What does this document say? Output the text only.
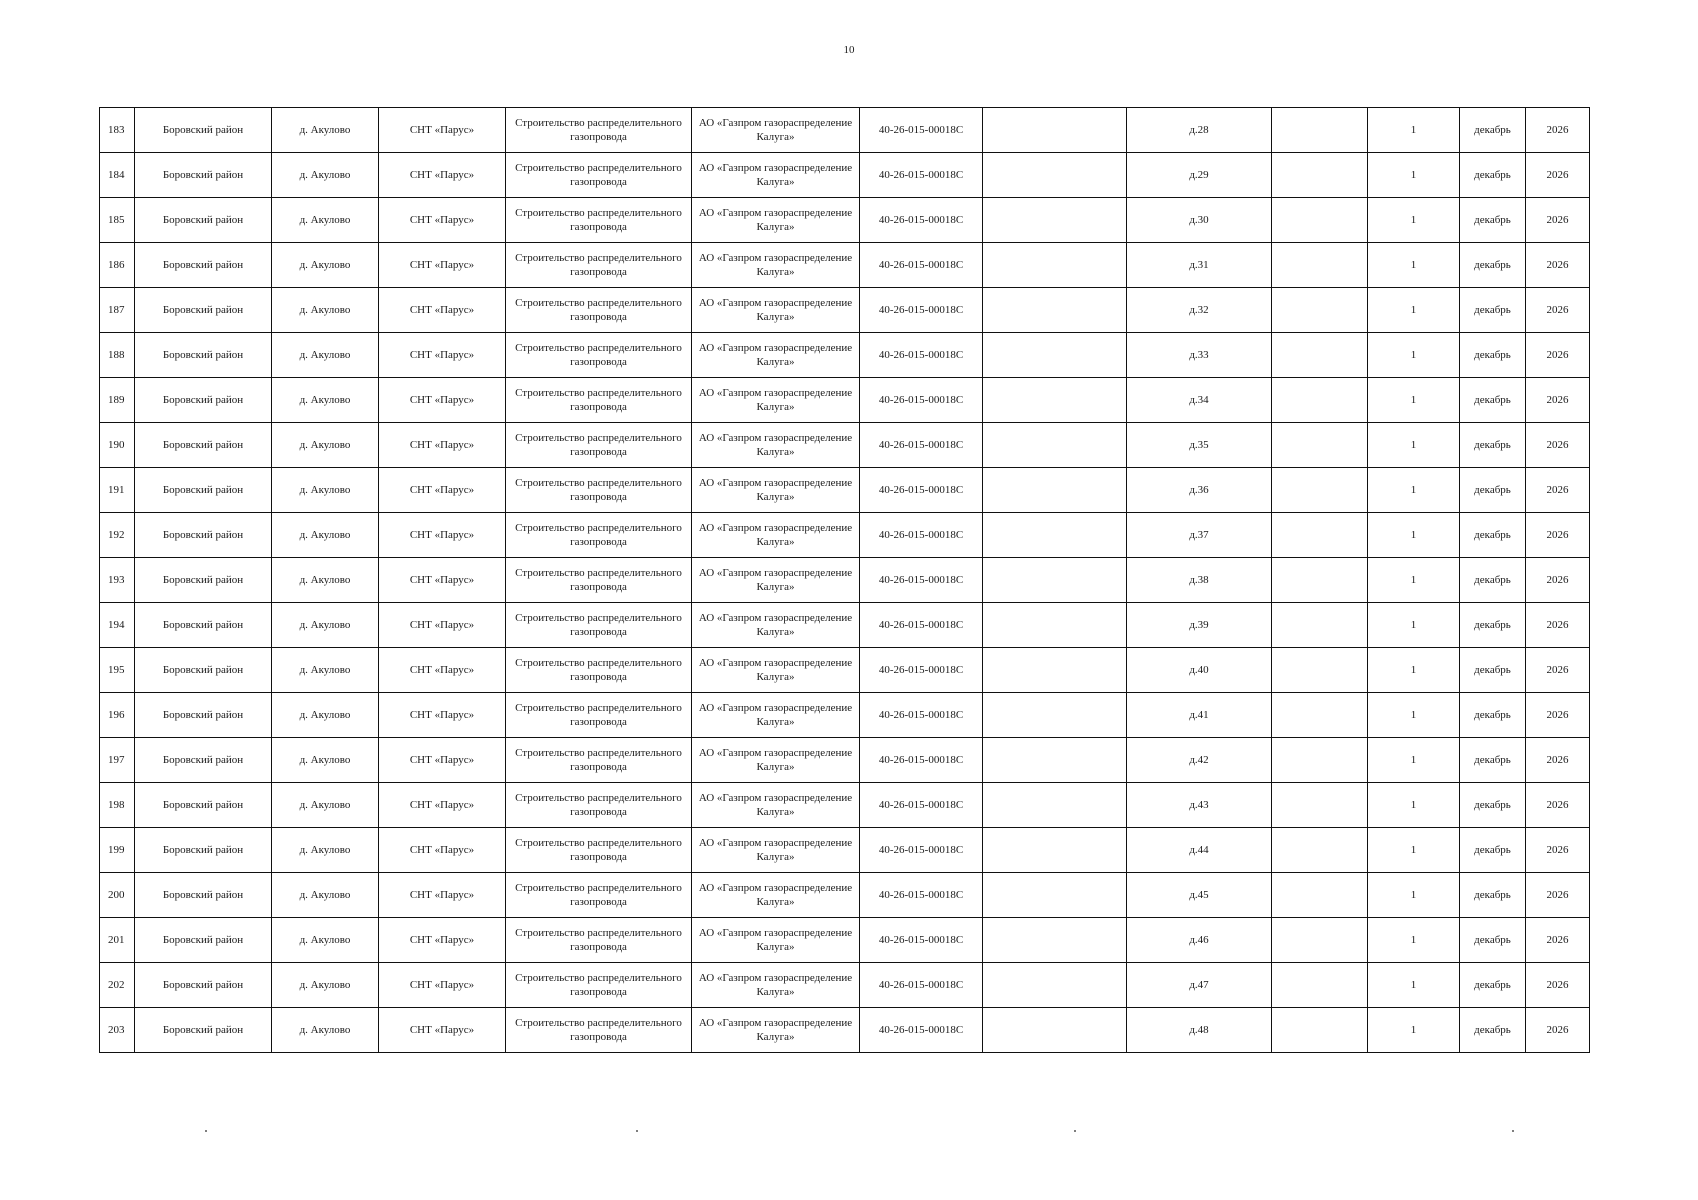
10
183	Боровский район	д. Акулово	СНТ «Парус»	Строительство распределительного газопровода	АО «Газпром газораспределение Калуга»	40-26-015-00018С		д.28		1	декабрь	2026
184	Боровский район	д. Акулово	СНТ «Парус»	Строительство распределительного газопровода	АО «Газпром газораспределение Калуга»	40-26-015-00018С		д.29		1	декабрь	2026
185	Боровский район	д. Акулово	СНТ «Парус»	Строительство распределительного газопровода	АО «Газпром газораспределение Калуга»	40-26-015-00018С		д.30		1	декабрь	2026
186	Боровский район	д. Акулово	СНТ «Парус»	Строительство распределительного газопровода	АО «Газпром газораспределение Калуга»	40-26-015-00018С		д.31		1	декабрь	2026
187	Боровский район	д. Акулово	СНТ «Парус»	Строительство распределительного газопровода	АО «Газпром газораспределение Калуга»	40-26-015-00018С		д.32		1	декабрь	2026
188	Боровский район	д. Акулово	СНТ «Парус»	Строительство распределительного газопровода	АО «Газпром газораспределение Калуга»	40-26-015-00018С		д.33		1	декабрь	2026
189	Боровский район	д. Акулово	СНТ «Парус»	Строительство распределительного газопровода	АО «Газпром газораспределение Калуга»	40-26-015-00018С		д.34		1	декабрь	2026
190	Боровский район	д. Акулово	СНТ «Парус»	Строительство распределительного газопровода	АО «Газпром газораспределение Калуга»	40-26-015-00018С		д.35		1	декабрь	2026
191	Боровский район	д. Акулово	СНТ «Парус»	Строительство распределительного газопровода	АО «Газпром газораспределение Калуга»	40-26-015-00018С		д.36		1	декабрь	2026
192	Боровский район	д. Акулово	СНТ «Парус»	Строительство распределительного газопровода	АО «Газпром газораспределение Калуга»	40-26-015-00018С		д.37		1	декабрь	2026
193	Боровский район	д. Акулово	СНТ «Парус»	Строительство распределительного газопровода	АО «Газпром газораспределение Калуга»	40-26-015-00018С		д.38		1	декабрь	2026
194	Боровский район	д. Акулово	СНТ «Парус»	Строительство распределительного газопровода	АО «Газпром газораспределение Калуга»	40-26-015-00018С		д.39		1	декабрь	2026
195	Боровский район	д. Акулово	СНТ «Парус»	Строительство распределительного газопровода	АО «Газпром газораспределение Калуга»	40-26-015-00018С		д.40		1	декабрь	2026
196	Боровский район	д. Акулово	СНТ «Парус»	Строительство распределительного газопровода	АО «Газпром газораспределение Калуга»	40-26-015-00018С		д.41		1	декабрь	2026
197	Боровский район	д. Акулово	СНТ «Парус»	Строительство распределительного газопровода	АО «Газпром газораспределение Калуга»	40-26-015-00018С		д.42		1	декабрь	2026
198	Боровский район	д. Акулово	СНТ «Парус»	Строительство распределительного газопровода	АО «Газпром газораспределение Калуга»	40-26-015-00018С		д.43		1	декабрь	2026
199	Боровский район	д. Акулово	СНТ «Парус»	Строительство распределительного газопровода	АО «Газпром газораспределение Калуга»	40-26-015-00018С		д.44		1	декабрь	2026
200	Боровский район	д. Акулово	СНТ «Парус»	Строительство распределительного газопровода	АО «Газпром газораспределение Калуга»	40-26-015-00018С		д.45		1	декабрь	2026
201	Боровский район	д. Акулово	СНТ «Парус»	Строительство распределительного газопровода	АО «Газпром газораспределение Калуга»	40-26-015-00018С		д.46		1	декабрь	2026
202	Боровский район	д. Акулово	СНТ «Парус»	Строительство распределительного газопровода	АО «Газпром газораспределение Калуга»	40-26-015-00018С		д.47		1	декабрь	2026
203	Боровский район	д. Акулово	СНТ «Парус»	Строительство распределительного газопровода	АО «Газпром газораспределение Калуга»	40-26-015-00018С		д.48		1	декабрь	2026
